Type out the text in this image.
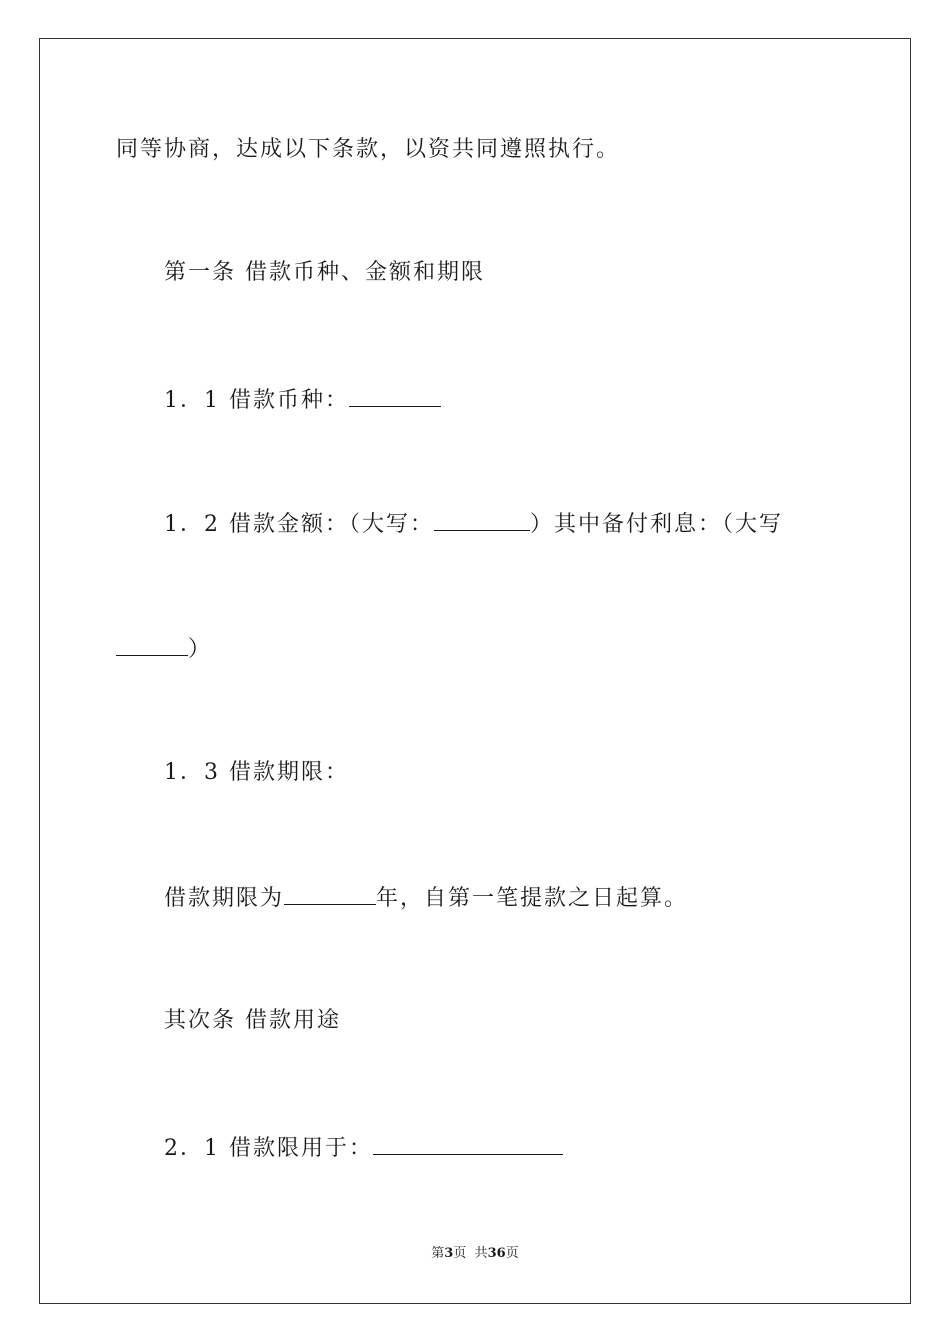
同等协商，达成以下条款，以资共同遵照执行。
第一条 借款币种、金额和期限
1．1 借款币种：
1．2 借款金额：（大写：	）其中备付利息：（大写
）
1．3 借款期限：
借款期限为	年，自第一笔提款之日起算。
其次条 借款用途
2．1 借款限用于：
第3页  共36页
